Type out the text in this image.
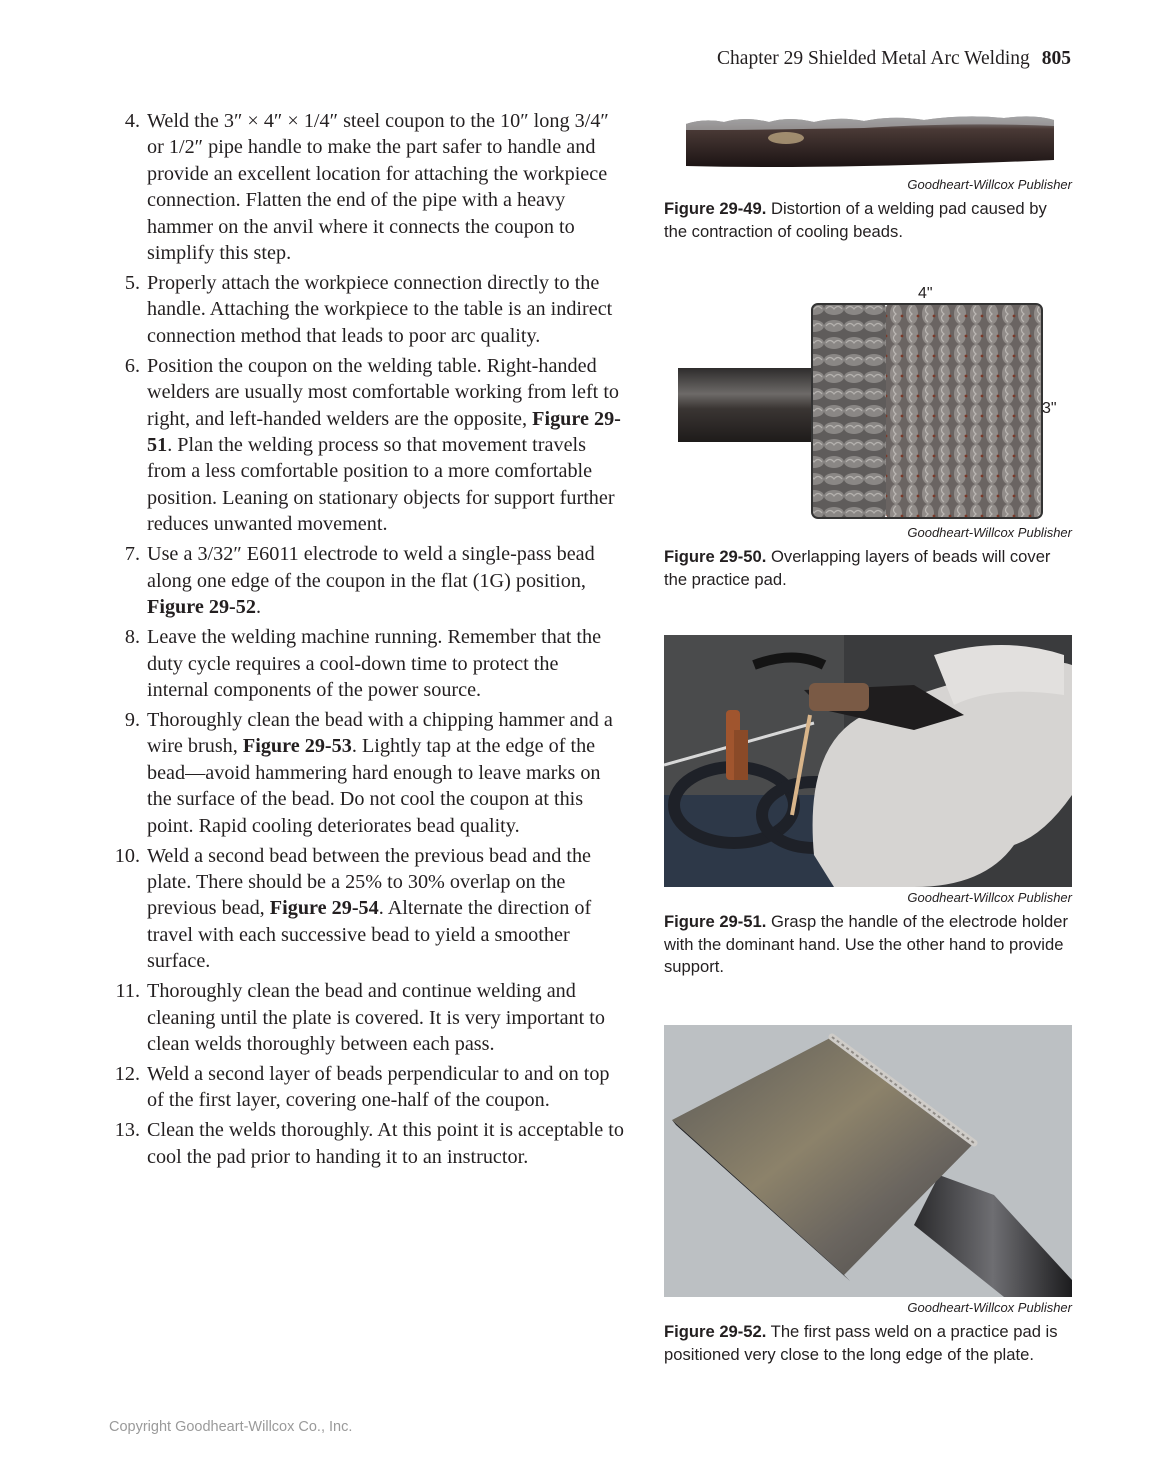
Chapter 29 Shielded Metal Arc Welding 805
4. Weld the 3″ × 4″ × 1/4″ steel coupon to the 10″ long 3/4″ or 1/2″ pipe handle to make the part safer to handle and provide an excellent location for attaching the workpiece connection. Flatten the end of the pipe with a heavy hammer on the anvil where it connects the coupon to simplify this step.
5. Properly attach the workpiece connection directly to the handle. Attaching the workpiece to the table is an indirect connection method that leads to poor arc quality.
6. Position the coupon on the welding table. Right-handed welders are usually most comfortable working from left to right, and left-handed welders are the opposite, Figure 29-51. Plan the welding process so that movement travels from a less comfortable position to a more comfortable position. Leaning on stationary objects for support further reduces unwanted movement.
7. Use a 3/32″ E6011 electrode to weld a single-pass bead along one edge of the coupon in the flat (1G) position, Figure 29-52.
8. Leave the welding machine running. Remember that the duty cycle requires a cool-down time to protect the internal components of the power source.
9. Thoroughly clean the bead with a chipping hammer and a wire brush, Figure 29-53. Lightly tap at the edge of the bead—avoid hammering hard enough to leave marks on the surface of the bead. Do not cool the coupon at this point. Rapid cooling deteriorates bead quality.
10. Weld a second bead between the previous bead and the plate. There should be a 25% to 30% overlap on the previous bead, Figure 29-54. Alternate the direction of travel with each successive bead to yield a smoother surface.
11. Thoroughly clean the bead and continue welding and cleaning until the plate is covered. It is very important to clean welds thoroughly between each pass.
12. Weld a second layer of beads perpendicular to and on top of the first layer, covering one-half of the coupon.
13. Clean the welds thoroughly. At this point it is acceptable to cool the pad prior to handing it to an instructor.
Goodheart-Willcox Publisher
Figure 29-49. Distortion of a welding pad caused by the contraction of cooling beads.
4"
3"
Goodheart-Willcox Publisher
Figure 29-50. Overlapping layers of beads will cover the practice pad.
Goodheart-Willcox Publisher
Figure 29-51. Grasp the handle of the electrode holder with the dominant hand. Use the other hand to provide support.
Goodheart-Willcox Publisher
Figure 29-52. The first pass weld on a practice pad is positioned very close to the long edge of the plate.
Copyright Goodheart-Willcox Co., Inc.
